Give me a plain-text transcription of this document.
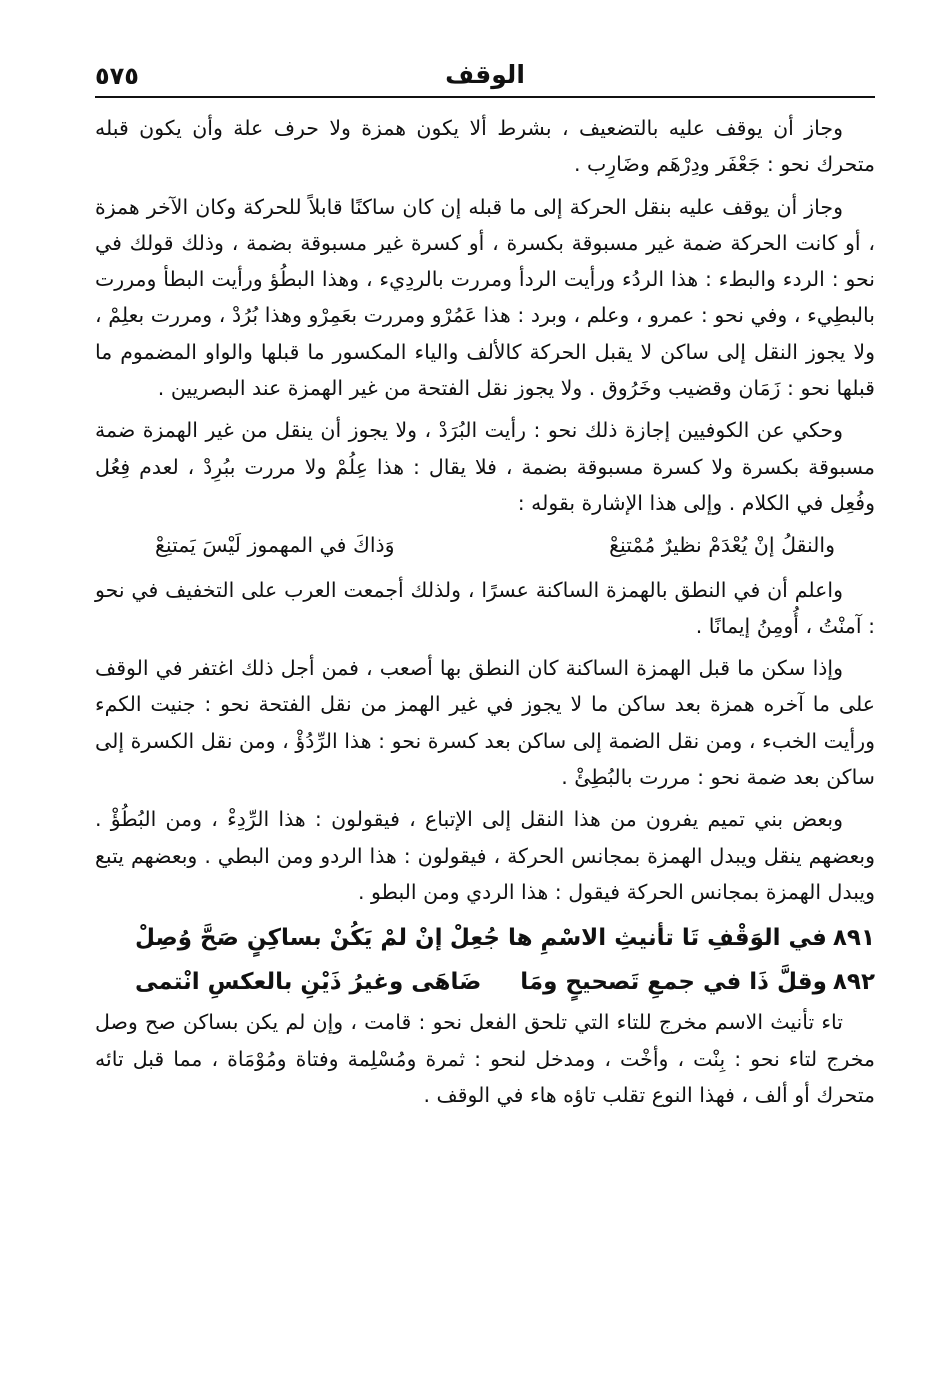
الوقف
٥٧٥

وجاز أن يوقف عليه بالتضعيف ، بشرط ألا يكون همزة ولا حرف علة وأن يكون قبله متحرك نحو : جَعْفَر ودِرْهَم وضَارِب .

وجاز أن يوقف عليه بنقل الحركة إلى ما قبله إن كان ساكنًا قابلاً للحركة وكان الآخر همزة ، أو كانت الحركة ضمة غير مسبوقة بكسرة ، أو كسرة غير مسبوقة بضمة ، وذلك قولك في نحو : الردء والبطء : هذا الردُء ورأيت الردأ ومررت بالردِيء ، وهذا البطُؤ ورأيت البطأ ومررت بالبطِيء ، وفي نحو : عمرو ، وعلم ، وبرد : هذا عَمُرْو ومررت بعَمِرْو وهذا بُرُدْ ، ومررت بعلِمْ ، ولا يجوز النقل إلى ساكن لا يقبل الحركة كالألف والياء المكسور ما قبلها والواو المضموم ما قبلها نحو : زَمَان وقضيب وخَرُوق . ولا يجوز نقل الفتحة من غير الهمزة عند البصريين .

وحكي عن الكوفيين إجازة ذلك نحو : رأيت البُرَدْ ، ولا يجوز أن ينقل من غير الهمزة ضمة مسبوقة بكسرة ولا كسرة مسبوقة بضمة ، فلا يقال : هذا عِلُمْ ولا مررت ببُرِدْ ، لعدم فِعُل وفُعِل في الكلام . وإلى هذا الإشارة بقوله :

والنقلُ إنْ يُعْدَمْ نظيرٌ مُمْتنِعْ
وَذاكَ في المهموز لَيْسَ يَمتنِعْ

واعلم أن في النطق بالهمزة الساكنة عسرًا ، ولذلك أجمعت العرب على التخفيف في نحو : آمنْتُ ، أُومِنُ إيمانًا .

وإذا سكن ما قبل الهمزة الساكنة كان النطق بها أصعب ، فمن أجل ذلك اغتفر في الوقف على ما آخره همزة بعد ساكن ما لا يجوز في غير الهمز من نقل الفتحة نحو : جنيت الكمء ورأيت الخبء ، ومن نقل الضمة إلى ساكن بعد كسرة نحو : هذا الرِّدُؤْ ، ومن نقل الكسرة إلى ساكن بعد ضمة نحو : مررت بالبُطِئْ .

وبعض بني تميم يفرون من هذا النقل إلى الإتباع ، فيقولون : هذا الرِّدِءْ ، ومن البُطُؤْ . وبعضهم ينقل ويبدل الهمزة بمجانس الحركة ، فيقولون : هذا الردو ومن البطي . وبعضهم يتبع ويبدل الهمزة بمجانس الحركة فيقول : هذا الردي ومن البطو .

٨٩١في الوَقْفِ تَا تأنيثِ الاسْمِ ها جُعِلْ
إنْ لمْ يَكُنْ بساكِنٍ صَحَّ وُصِلْ
٨٩٢وقلَّ ذَا في جمعِ تَصحيحٍ ومَا
ضَاهَى وغيرُ ذَيْنِ بالعكسِ انْتمى

تاء تأنيث الاسم مخرج للتاء التي تلحق الفعل نحو : قامت ، وإن لم يكن بساكن صح وصل مخرج لتاء نحو : بِنْت ، وأخْت ، ومدخل لنحو : ثمرة ومُسْلِمة وفتاة ومُوْمَاة ، مما قبل تائه متحرك أو ألف ، فهذا النوع تقلب تاؤه هاء في الوقف .
